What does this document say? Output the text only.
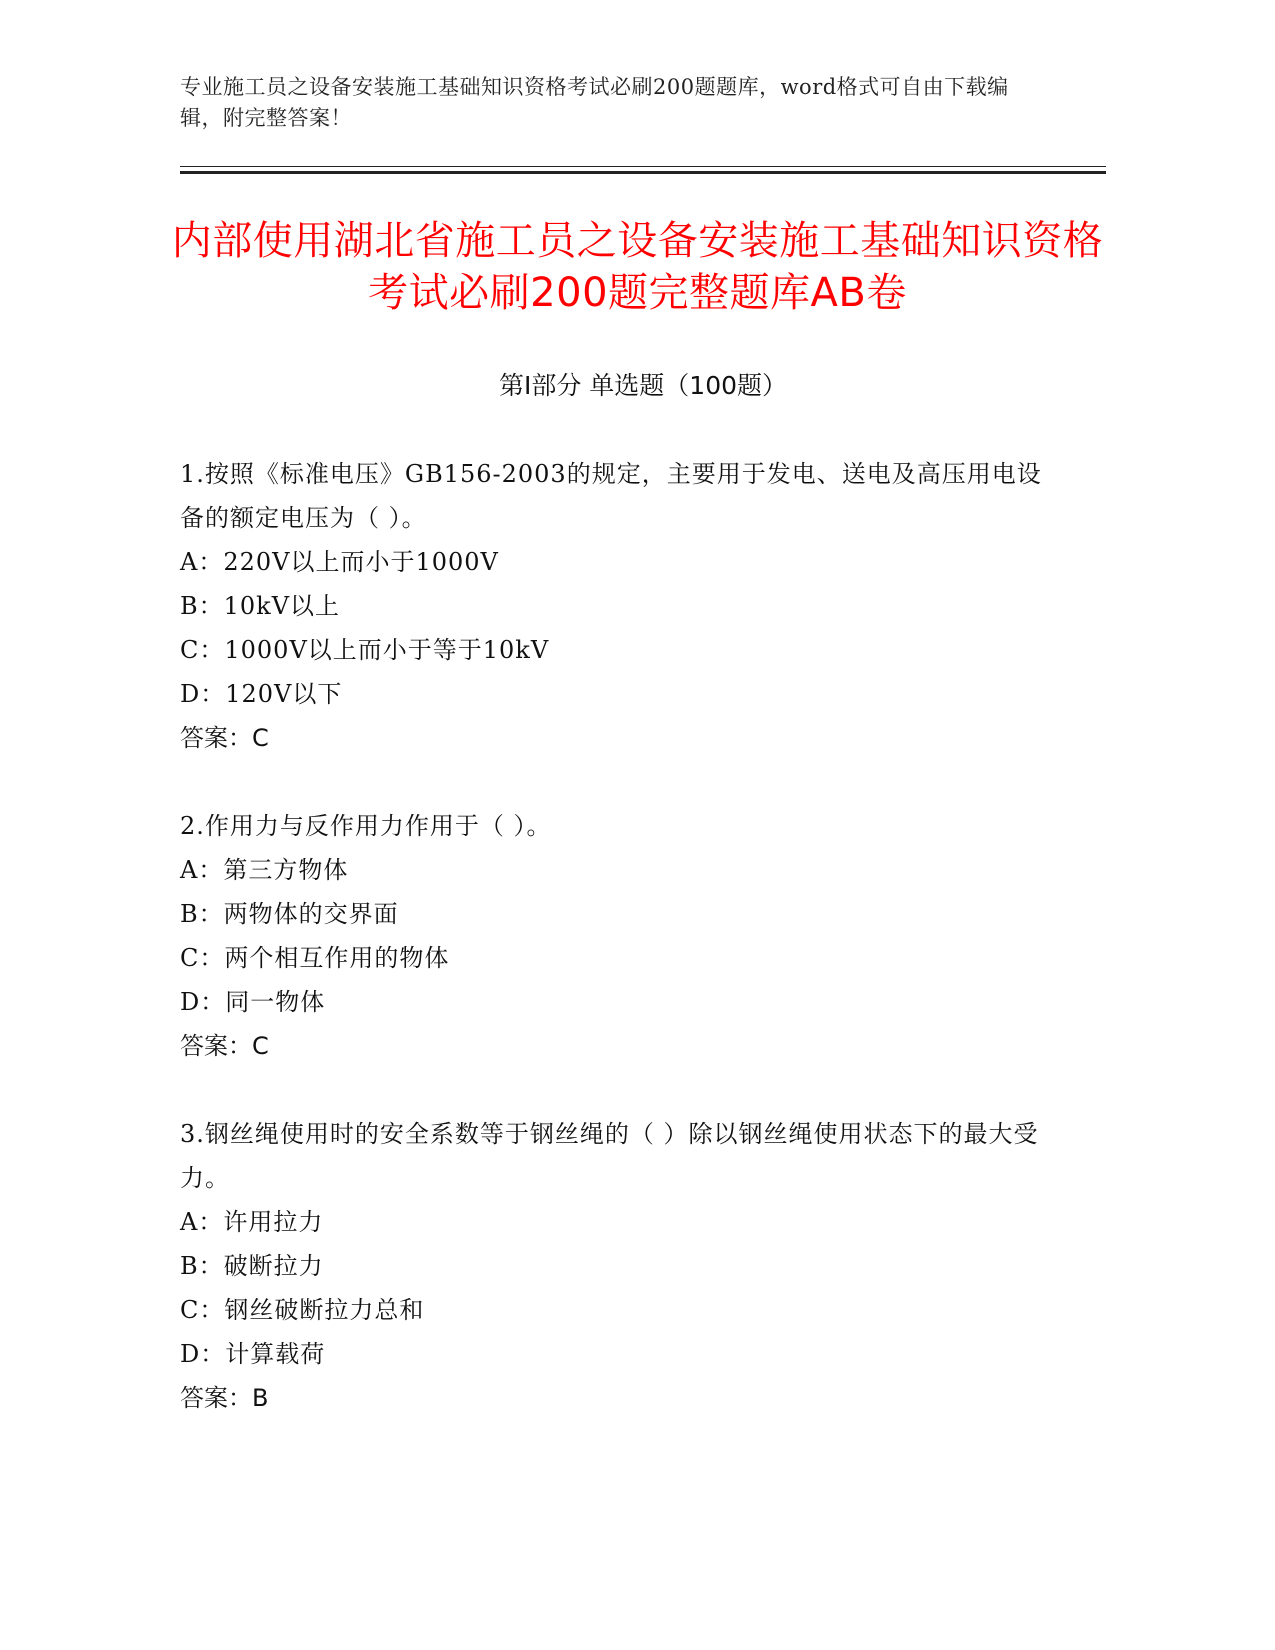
专业施工员之设备安装施工基础知识资格考试必刷200题题库，word格式可自由下载编辑，附完整答案！
内部使用湖北省施工员之设备安装施工基础知识资格考试必刷200题完整题库AB卷
第Ⅰ部分 单选题（100题）
1.按照《标准电压》GB156-2003的规定，主要用于发电、送电及高压用电设备的额定电压为（ ）。
A：220V以上而小于1000V
B：10kV以上
C：1000V以上而小于等于10kV
D：120V以下
答案：C
2.作用力与反作用力作用于（ ）。
A：第三方物体
B：两物体的交界面
C：两个相互作用的物体
D：同一物体
答案：C
3.钢丝绳使用时的安全系数等于钢丝绳的（ ）除以钢丝绳使用状态下的最大受力。
A：许用拉力
B：破断拉力
C：钢丝破断拉力总和
D：计算载荷
答案：B
